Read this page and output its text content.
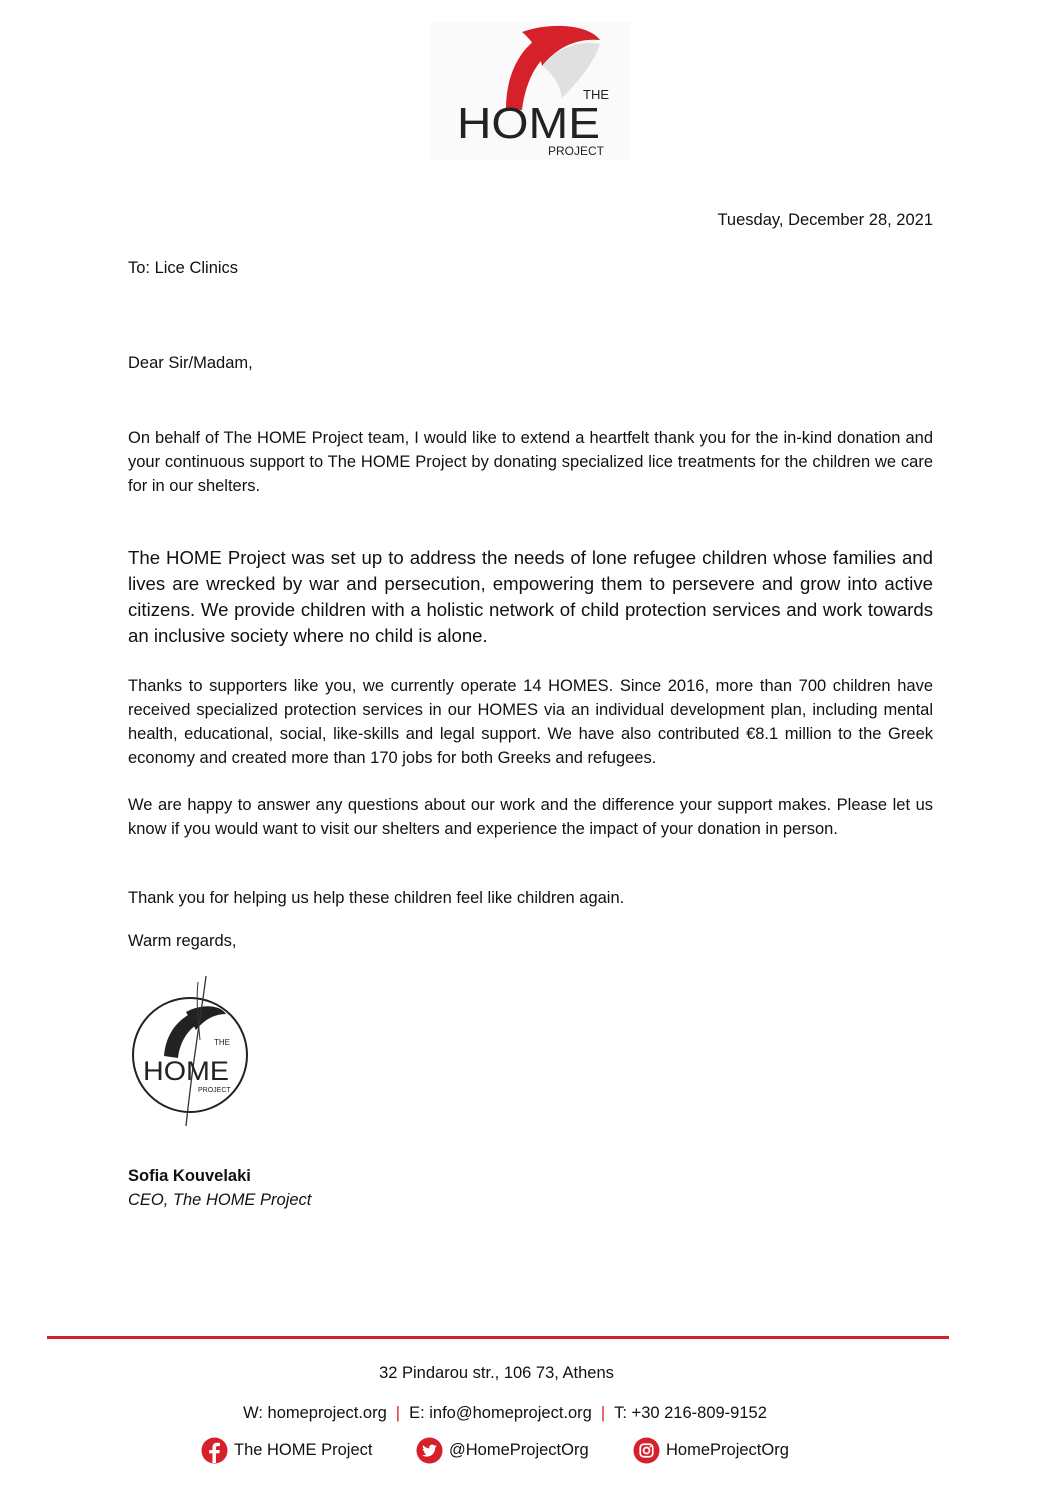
THE
HOME
PROJECT
Tuesday, December 28, 2021
To: Lice Clinics
Dear Sir/Madam,

On behalf of The HOME Project team, I would like to extend a heartfelt thank you for the in-kind donation and your continuous support to The HOME Project by donating specialized lice treatments for the children we care for in our shelters.

The HOME Project was set up to address the needs of lone refugee children whose families and lives are wrecked by war and persecution, empowering them to persevere and grow into active citizens. We provide children with a holistic network of child protection services and work towards an inclusive society where no child is alone.

Thanks to supporters like you, we currently operate 14 HOMES. Since 2016, more than 700 children have received specialized protection services in our HOMES via an individual development plan, including mental health, educational, social, like-skills and legal support. We have also contributed €8.1 million to the Greek economy and created more than 170 jobs for both Greeks and refugees.

We are happy to answer any questions about our work and the difference your support makes. Please let us know if you would want to visit our shelters and experience the impact of your donation in person.

Thank you for helping us help these children feel like children again.

Warm regards,
THE
HOME
PROJECT
Sofia Kouvelaki
CEO, The HOME Project
32 Pindarou str., 106 73, Athens
W: homeproject.org | E: info@homeproject.org | T: +30 216-809-9152
The HOME Project	@HomeProjectOrg	HomeProjectOrg
